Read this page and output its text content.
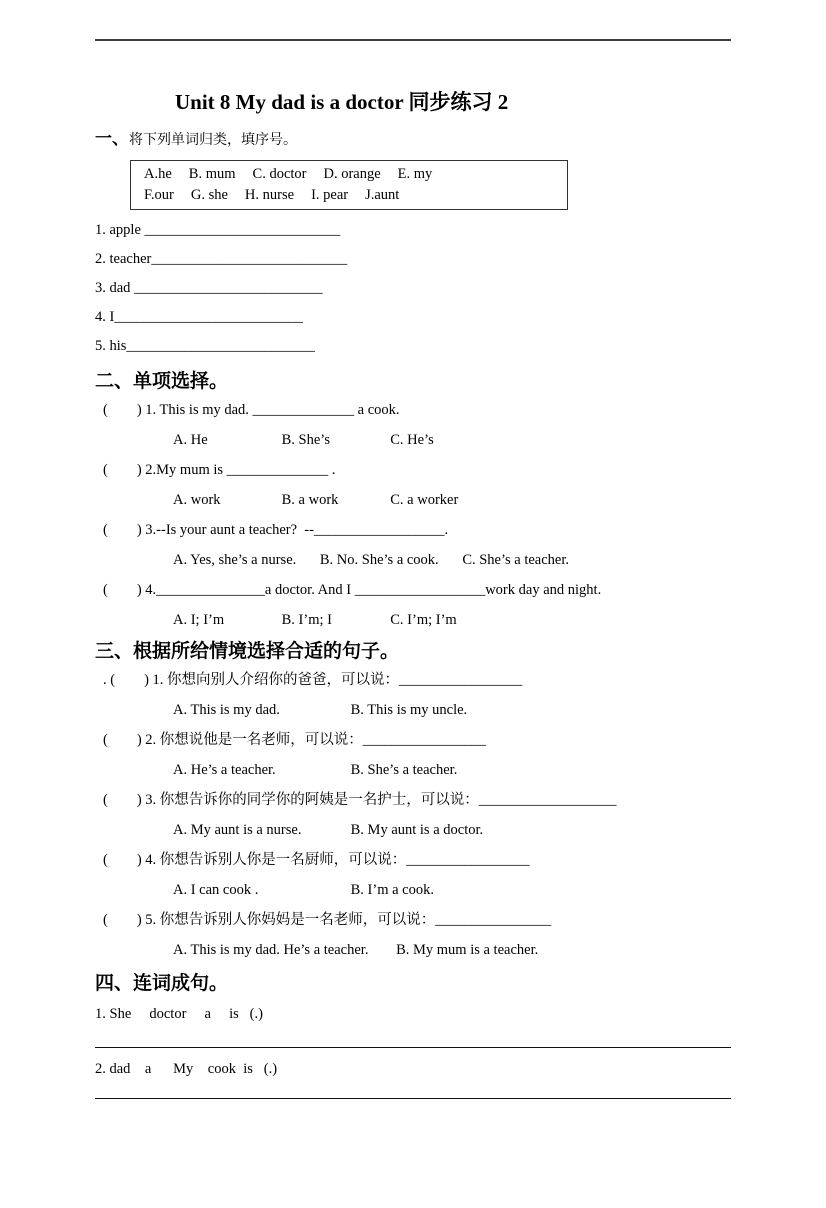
Unit 8 My dad is a doctor 同步练习 2
一、将下列单词归类，填序号。
A.he B. mum C. doctor D. orange E. my
F.our G. she H. nurse I. pear J.aunt
1. apple ___________________________
2. teacher___________________________
3. dad __________________________
4. I__________________________
5. his__________________________
二、单项选择。
(        ) 1. This is my dad. ______________ a cook.
A. He	B. She’s	C. He’s
(        ) 2.My mum is ______________ .
A. work	B. a work	C. a worker
(        ) 3.--Is your aunt a teacher?  --__________________.
A. Yes, she’s a nurse. B. No. She’s a cook. C. She’s a teacher.
(        ) 4._______________a doctor. And I __________________work day and night.
A. I; I’m	B. I’m; I	C. I’m; I’m
三、根据所给情境选择合适的句子。
. (        ) 1. 你想向别人介绍你的爸爸，可以说：_________________
A. This is my dad.	B. This is my uncle.
(        ) 2. 你想说他是一名老师，可以说：_________________
A. He’s a teacher.	B. She’s a teacher.
(        ) 3. 你想告诉你的同学你的阿姨是一名护士，可以说：___________________
A. My aunt is a nurse.	B. My aunt is a doctor.
(        ) 4. 你想告诉别人你是一名厨师，可以说：_________________
A. I can cook .	B. I’m a cook.
(        ) 5. 你想告诉别人你妈妈是一名老师，可以说：________________
A. This is my dad. He’s a teacher. B. My mum is a teacher.
四、连词成句。
1. She     doctor     a     is   (.)
2. dad    a      My    cook  is   (.)
